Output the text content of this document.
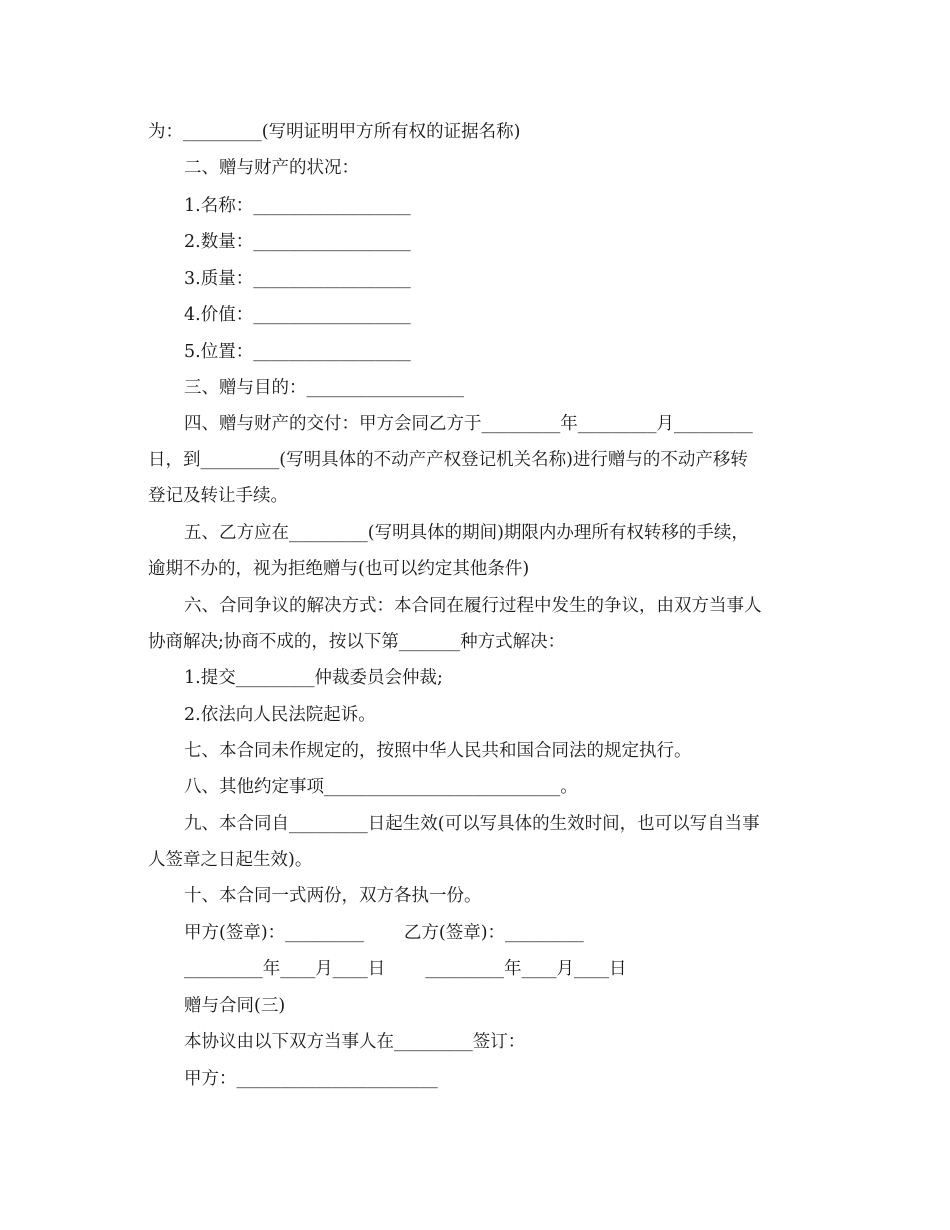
为：_________(写明证明甲方所有权的证据名称)
二、赠与财产的状况：
1.名称：__________________
2.数量：__________________
3.质量：__________________
4.价值：__________________
5.位置：__________________
三、赠与目的：__________________
四、赠与财产的交付：甲方会同乙方于_________年_________月_________
日，到_________(写明具体的不动产产权登记机关名称)进行赠与的不动产移转
登记及转让手续。
五、乙方应在_________(写明具体的期间)期限内办理所有权转移的手续，
逾期不办的，视为拒绝赠与(也可以约定其他条件)
六、合同争议的解决方式：本合同在履行过程中发生的争议，由双方当事人
协商解决;协商不成的，按以下第_______种方式解决：
1.提交_________仲裁委员会仲裁;
2.依法向人民法院起诉。
七、本合同未作规定的，按照中华人民共和国合同法的规定执行。
八、其他约定事项___________________________。
九、本合同自_________日起生效(可以写具体的生效时间，也可以写自当事
人签章之日起生效)。
十、本合同一式两份，双方各执一份。
甲方(签章)：_________ 乙方(签章)：_________
_________年____月____日 _________年____月____日
赠与合同(三)
本协议由以下双方当事人在_________签订：
甲方：_______________________
